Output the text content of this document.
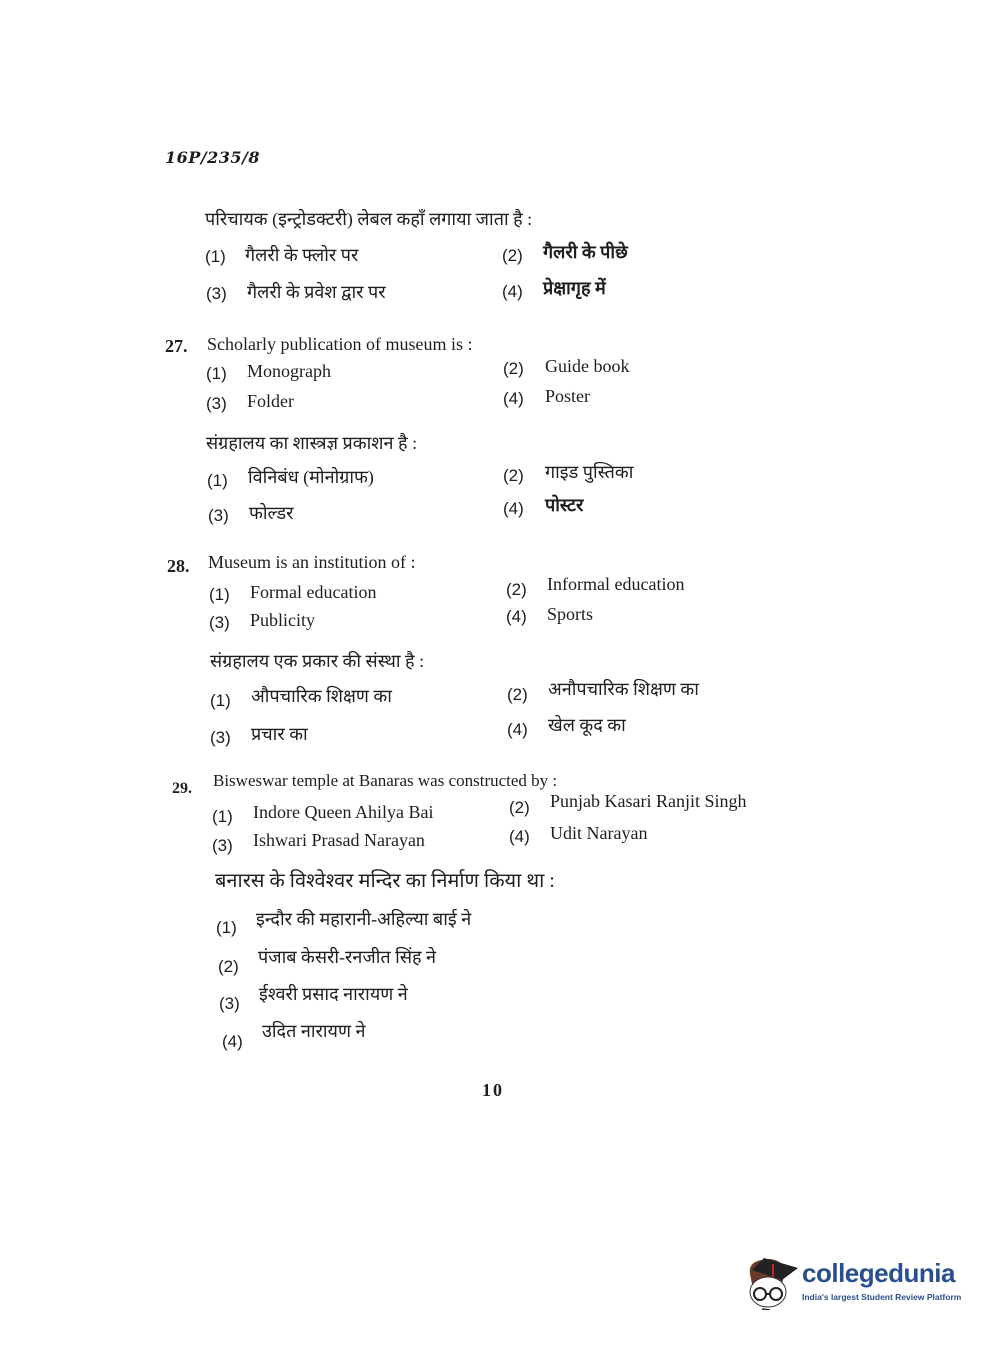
16P/235/8
परिचायक (इन्ट्रोडक्टरी) लेबल कहाँ लगाया जाता है :
(1) गैलरी के फ्लोर पर	(2) गैलरी के पीछे
(3) गैलरी के प्रवेश द्वार पर	(4) प्रेक्षागृह में
27. Scholarly publication of museum is :
(1) Monograph	(2) Guide book
(3) Folder	(4) Poster
संग्रहालय का शास्त्रज्ञ प्रकाशन है :
(1) विनिबंध (मोनोग्राफ)	(2) गाइड पुस्तिका
(3) फोल्डर	(4) पोस्टर
28. Museum is an institution of :
(1) Formal education	(2) Informal education
(3) Publicity	(4) Sports
संग्रहालय एक प्रकार की संस्था है :
(1) औपचारिक शिक्षण का	(2) अनौपचारिक शिक्षण का
(3) प्रचार का	(4) खेल कूद का
29. Bisweswar temple at Banaras was constructed by :
(1) Indore Queen Ahilya Bai	(2) Punjab Kasari Ranjit Singh
(3) Ishwari Prasad Narayan	(4) Udit Narayan
बनारस के विश्वेश्वर मन्दिर का निर्माण किया था :
(1) इन्दौर की महारानी-अहिल्या बाई ने
(2) पंजाब केसरी-रनजीत सिंह ने
(3) ईश्वरी प्रसाद नारायण ने
(4)
उदित नारायण ने
10
collegedunia
India's largest Student Review Platform
